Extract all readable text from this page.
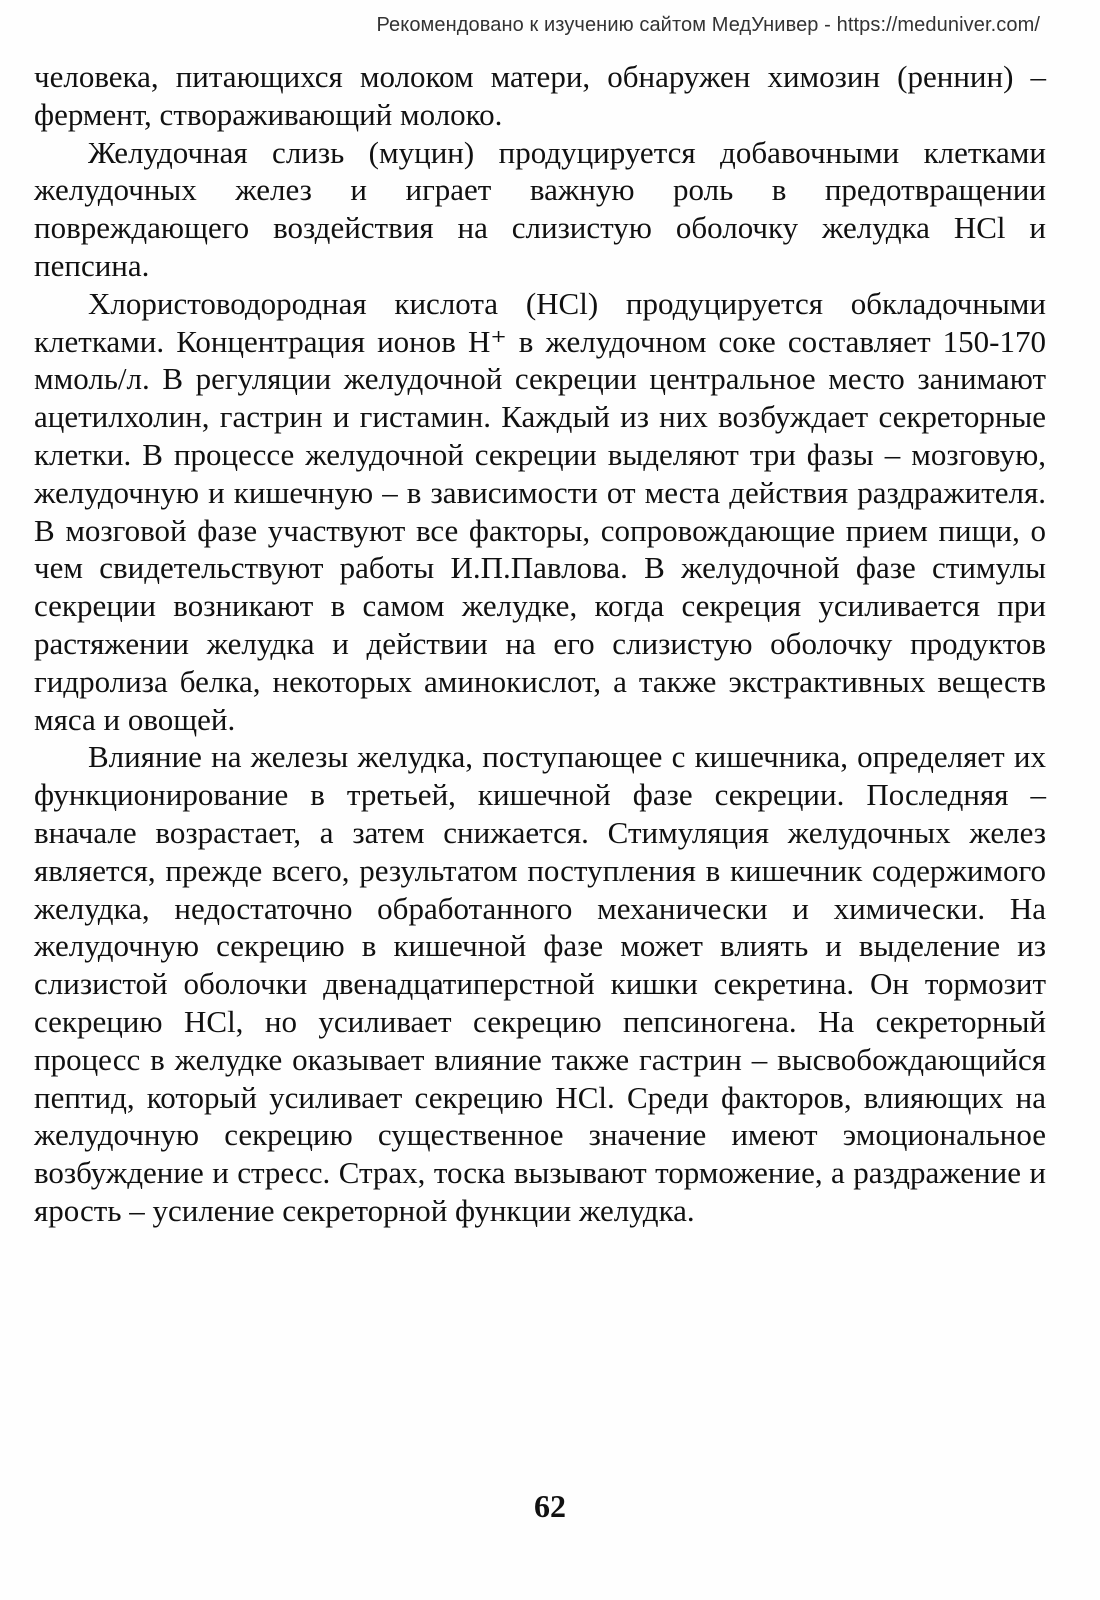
Рекомендовано к изучению сайтом МедУнивер - https://meduniver.com/

человека, питающихся молоком матери, обнаружен химозин (реннин) – фермент, створаживающий молоко.

Желудочная слизь (муцин) продуцируется добавочными клетками желудочных желез и играет важную роль в предотвращении повреждающего воздействия на слизистую оболочку желудка HCl и пепсина.

Хлористоводородная кислота (HCl) продуцируется обкладочными клетками. Концентрация ионов H⁺ в желудочном соке составляет 150-170 ммоль/л. В регуляции желудочной секреции центральное место занимают ацетилхолин, гастрин и гистамин. Каждый из них возбуждает секреторные клетки. В процессе желудочной секреции выделяют три фазы – мозговую, желудочную и кишечную – в зависимости от места действия раздражителя. В мозговой фазе участвуют все факторы, сопровождающие прием пищи, о чем свидетельствуют работы И.П.Павлова. В желудочной фазе стимулы секреции возникают в самом желудке, когда секреция усиливается при растяжении желудка и действии на его слизистую оболочку продуктов гидролиза белка, некоторых аминокислот, а также экстрактивных веществ мяса и овощей.

Влияние на железы желудка, поступающее с кишечника, определяет их функционирование в третьей, кишечной фазе секреции. Последняя – вначале возрастает, а затем снижается. Стимуляция желудочных желез является, прежде всего, результатом поступления в кишечник содержимого желудка, недостаточно обработанного механически и химически. На желудочную секрецию в кишечной фазе может влиять и выделение из слизистой оболочки двенадцатиперстной кишки секретина. Он тормозит секрецию HCl, но усиливает секрецию пепсиногена. На секреторный процесс в желудке оказывает влияние также гастрин – высвобождающийся пептид, который усиливает секрецию HCl. Среди факторов, влияющих на желудочную секрецию существенное значение имеют эмоциональное возбуждение и стресс. Страх, тоска вызывают торможение, а раздражение и ярость – усиление секреторной функции желудка.

62
